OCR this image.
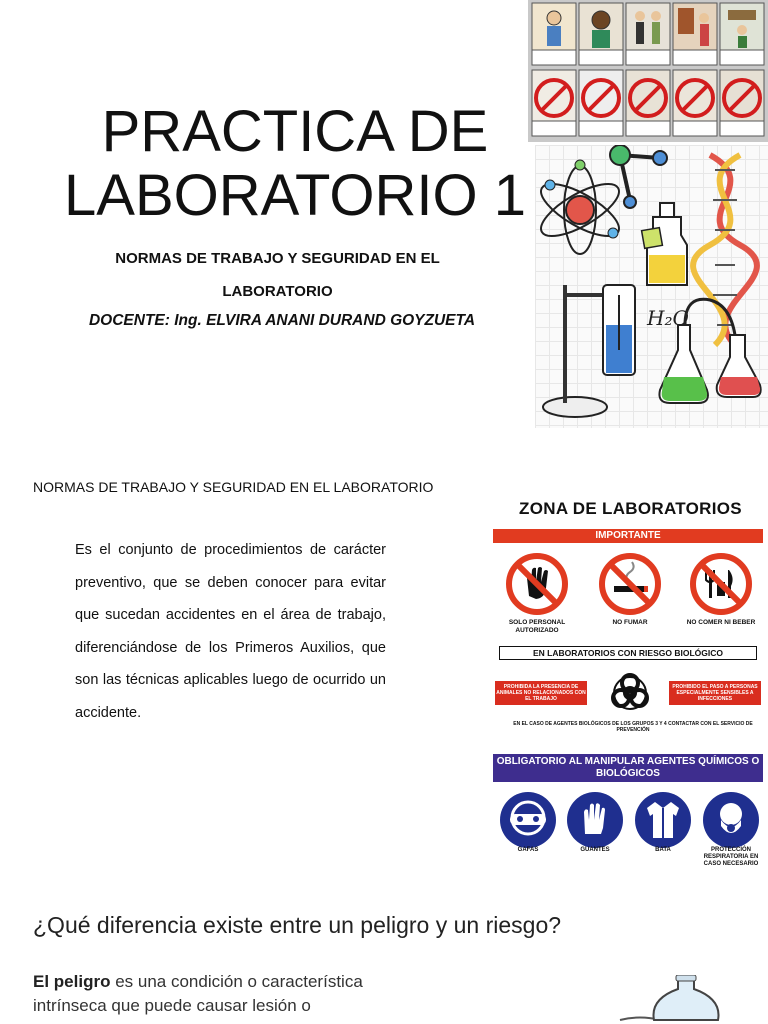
PRACTICA DE
LABORATORIO 1
NORMAS DE TRABAJO Y SEGURIDAD EN EL
LABORATORIO
DOCENTE: Ing. ELVIRA ANANI DURAND GOYZUETA	H₂O
NORMAS DE TRABAJO Y SEGURIDAD EN EL LABORATORIO
Es el conjunto de procedimientos de carácter preventivo, que se deben conocer para evitar que sucedan accidentes en el área de trabajo, diferenciándose de los Primeros Auxilios, que son las técnicas aplicables luego de ocurrido un accidente.
ZONA DE LABORATORIOS
IMPORTANTE
SOLO PERSONAL AUTORIZADO
NO FUMAR	NO COMER NI BEBER
EN LABORATORIOS CON RIESGO BIOLÓGICO
PROHIBIDA LA PRESENCIA DE ANIMALES NO RELACIONADOS CON EL TRABAJO
PROHIBIDO EL PASO A PERSONAS ESPECIALMENTE SENSIBLES A INFECCIONES
EN EL CASO DE AGENTES BIOLÓGICOS DE LOS GRUPOS 3 Y 4 CONTACTAR CON EL SERVICIO DE PREVENCIÓN
OBLIGATORIO AL MANIPULAR AGENTES QUÍMICOS O BIOLÓGICOS
GAFAS	GUANTES	BATA	PROTECCIÓN RESPIRATORIA EN CASO NECESARIO
¿Qué diferencia existe entre un peligro y un riesgo?
El peligro es una condición o característica
intrínseca que puede causar lesión o
